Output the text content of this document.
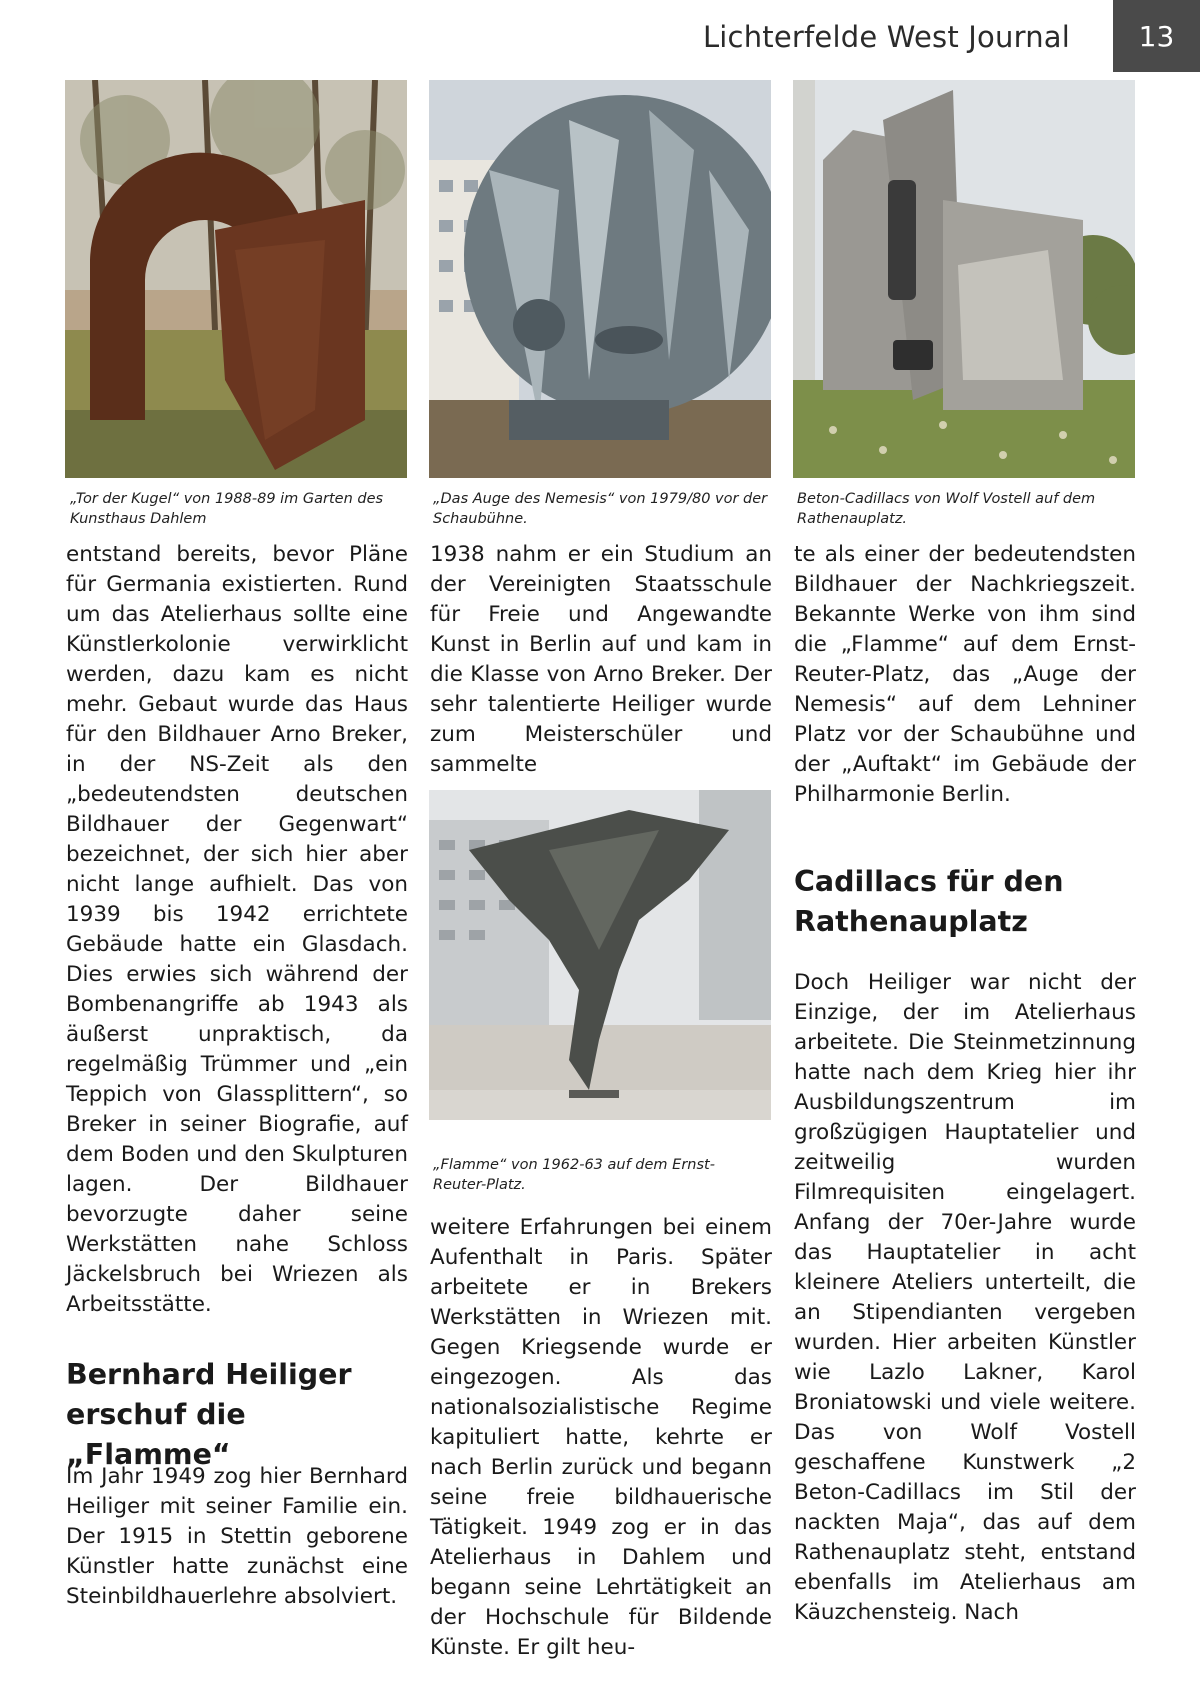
Lichterfelde West Journal	13
„Tor der Kugel“ von 1988-89 im Garten des Kunsthaus Dahlem
„Das Auge des Nemesis“ von 1979/80 vor der Schaubühne.
Beton-Cadillacs von Wolf Vostell auf dem Rathenauplatz.

entstand bereits, bevor Pläne für Germania existierten. Rund um das Atelierhaus sollte eine Künstlerkolonie verwirklicht werden, dazu kam es nicht mehr. Gebaut wurde das Haus für den Bildhauer Arno Breker, in der NS-Zeit als den „bedeutendsten deutschen Bildhauer der Gegenwart“ bezeichnet, der sich hier aber nicht lange aufhielt. Das von 1939 bis 1942 errichtete Gebäude hatte ein Glasdach. Dies erwies sich während der Bombenangriffe ab 1943 als äußerst unpraktisch, da regelmäßig Trümmer und „ein Teppich von Glassplittern“, so Breker in seiner Biografie, auf dem Boden und den Skulpturen lagen. Der Bildhauer bevorzugte daher seine Werkstätten nahe Schloss Jäckelsbruch bei Wriezen als Arbeitsstätte.

Bernhard Heiliger
erschuf die „Flamme“

Im Jahr 1949 zog hier Bernhard Heiliger mit seiner Familie ein. Der 1915 in Stettin geborene Künstler hatte zunächst eine Steinbildhauerlehre absolviert.

1938 nahm er ein Studium an der Vereinigten Staatsschule für Freie und Angewandte Kunst in Berlin auf und kam in die Klasse von Arno Breker. Der sehr talentierte Heiliger wurde zum Meisterschüler und sammelte

„Flamme“ von 1962-63 auf dem Ernst-Reuter-Platz.

weitere Erfahrungen bei einem Aufenthalt in Paris. Später arbeitete er in Brekers Werkstätten in Wriezen mit. Gegen Kriegsende wurde er eingezogen. Als das nationalsozialistische Regime kapituliert hatte, kehrte er nach Berlin zurück und begann seine freie bildhauerische Tätigkeit. 1949 zog er in das Atelierhaus in Dahlem und begann seine Lehrtätigkeit an der Hochschule für Bildende Künste. Er gilt heu-

te als einer der bedeutendsten Bildhauer der Nachkriegszeit. Bekannte Werke von ihm sind die „Flamme“ auf dem Ernst-Reuter-Platz, das „Auge der Nemesis“ auf dem Lehniner Platz vor der Schaubühne und der „Auftakt“ im Gebäude der Philharmonie Berlin.

Cadillacs für den
Rathenauplatz

Doch Heiliger war nicht der Einzige, der im Atelierhaus arbeitete. Die Steinmetzinnung hatte nach dem Krieg hier ihr Ausbildungszentrum im großzügigen Hauptatelier und zeitweilig wurden Filmrequisiten eingelagert. Anfang der 70er-Jahre wurde das Hauptatelier in acht kleinere Ateliers unterteilt, die an Stipendianten vergeben wurden. Hier arbeiten Künstler wie Lazlo Lakner, Karol Broniatowski und viele weitere. Das von Wolf Vostell geschaffene Kunstwerk „2 Beton-Cadillacs im Stil der nackten Maja“, das auf dem Rathenauplatz steht, entstand ebenfalls im Atelierhaus am Käuzchensteig. Nach
